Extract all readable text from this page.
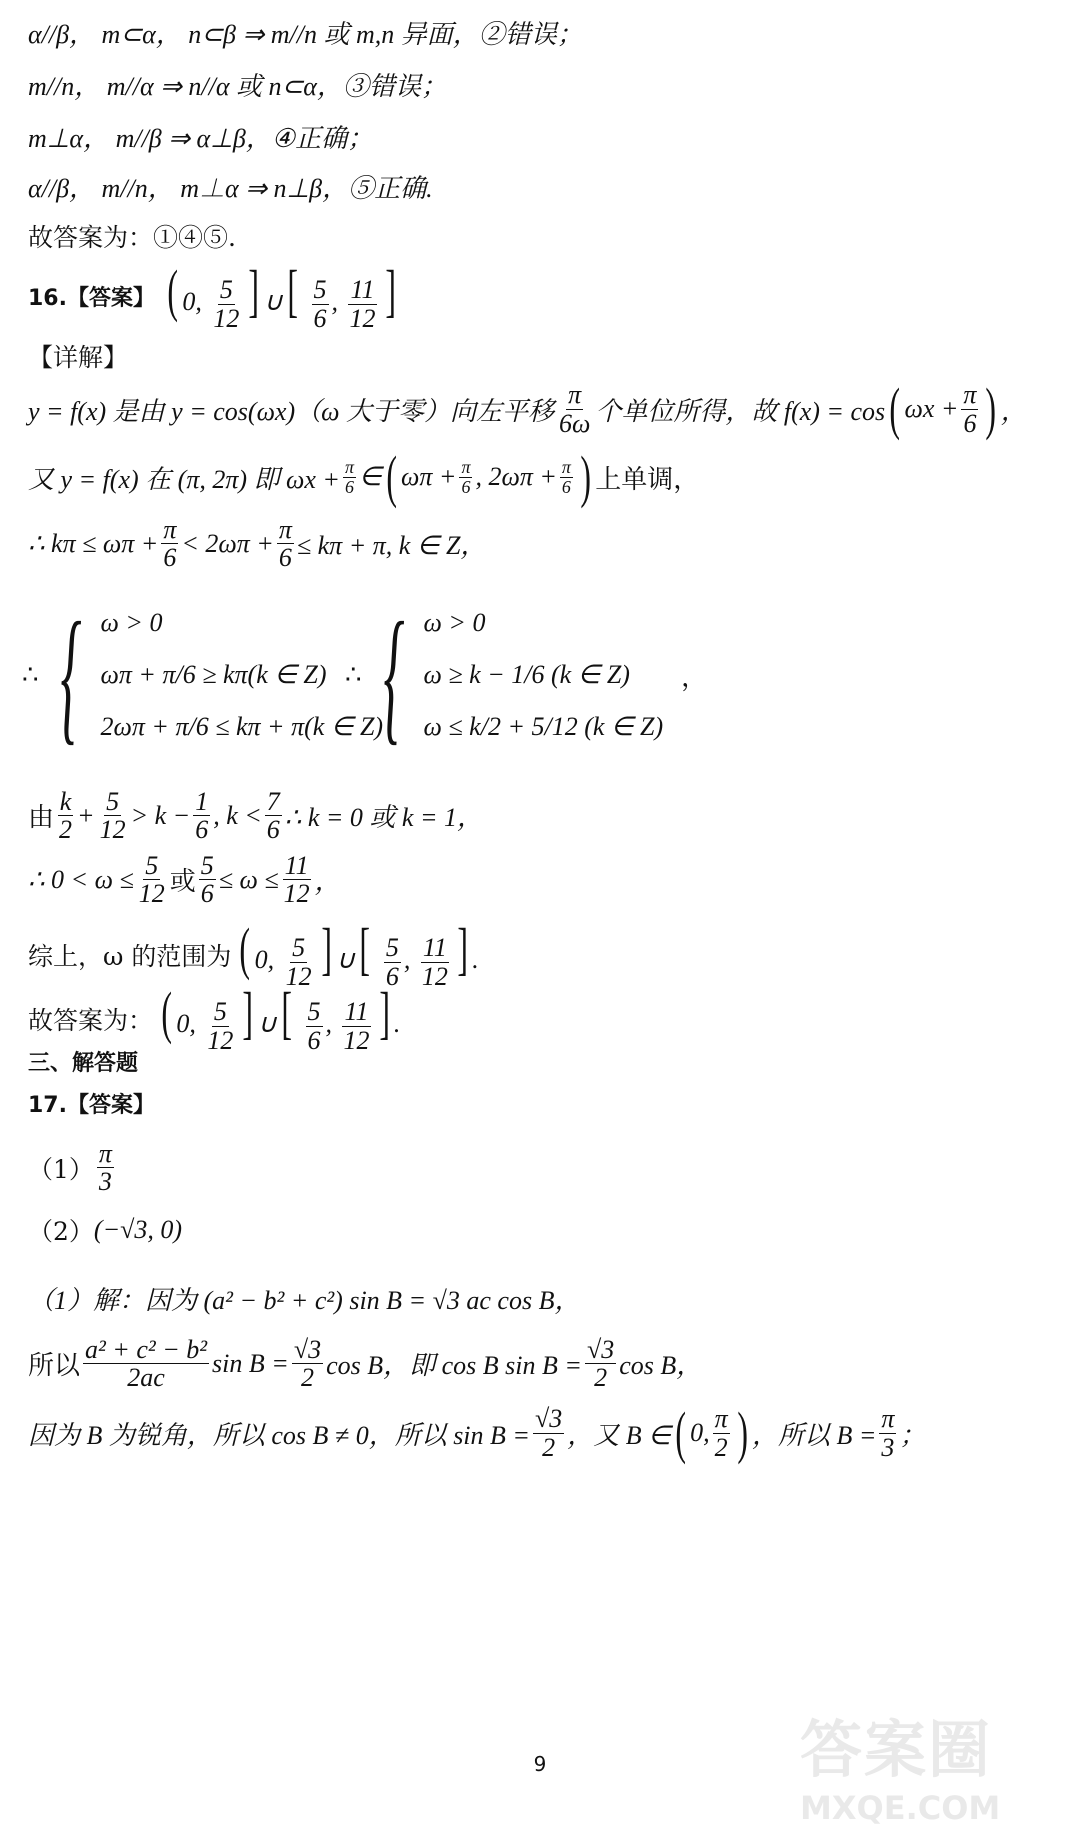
α//β， m⊂α， n⊂β ⇒ m//n 或 m,n 异面，②错误；
m//n， m//α ⇒ n//α 或 n⊂α，③错误；
m⊥α， m//β ⇒ α⊥β，④正确；
α//β， m//n， m⊥α ⇒ n⊥β，⑤正确.
故答案为：①④⑤.
16.【答案】 ( 0, $\frac{5}{12}$ ] ∪[ $\frac{5}{6}$ , $\frac{11}{12}$ ]
【详解】
y = f(x) 是由 y = cos(ωx)（ω 大于零）向左平移 $\frac{\pi}{6\omega}$ 个单位所得，故 f(x) = cos ( $\omega x + \frac{\pi}{6}$ ) ，
又 y = f(x) 在 (π, 2π) 即 $\omega x + \frac{\pi}{6}$ ∈ ( $\omega\pi + \frac{\pi}{6}$ , $2\omega\pi + \frac{\pi}{6}$ ) 上单调，
∴ $k\pi \le \omega\pi + \frac{\pi}{6} < 2\omega\pi + \frac{\pi}{6} \le k\pi + \pi$, k ∈ Z，
∴ { ω > 0
ωπ + π/6 ≥ kπ(k ∈ Z)
2ωπ + π/6 ≤ kπ + π(k ∈ Z)
∴ { ω > 0
ω ≥ k − 1/6 (k ∈ Z)
ω ≤ k/2 + 5/12 (k ∈ Z)
，
由 $\frac{k}{2} + \frac{5}{12} > k - \frac{1}{6}$ , $k < \frac{7}{6}$ ∴ k = 0 或 k = 1，
∴ $0 < \omega \le \frac{5}{12}$ 或 $\frac{5}{6} \le \omega \le \frac{11}{12}$ ，
综上，ω 的范围为 ( 0, $\frac{5}{12}$ ] ∪[ $\frac{5}{6}$ , $\frac{11}{12}$ ] .
故答案为： ( 0, $\frac{5}{12}$ ] ∪[ $\frac{5}{6}$ , $\frac{11}{12}$ ] .
三、解答题
17.【答案】
$(1) \frac{\pi}{3}$
（2） (−√3, 0)
（1）解：因为 (a² − b² + c²) sin B = √3 ac cos B，
所以 $\frac{\text{a² + c² − b²}}{2ac}$ $\sin B = \frac{√3}{2}$ cos B，即 cos B $\sin B = \frac{√3}{2}$ cos B，
因为 B 为锐角，所以 cos B ≠ 0，所以 $\sin B = \frac{√3}{2}$ ，又 B ∈ ( 0, $\frac{\pi}{2}$ ) ，所以 $B = \frac{\pi}{3}$ ；
9	答案圈
MXQE.COM
